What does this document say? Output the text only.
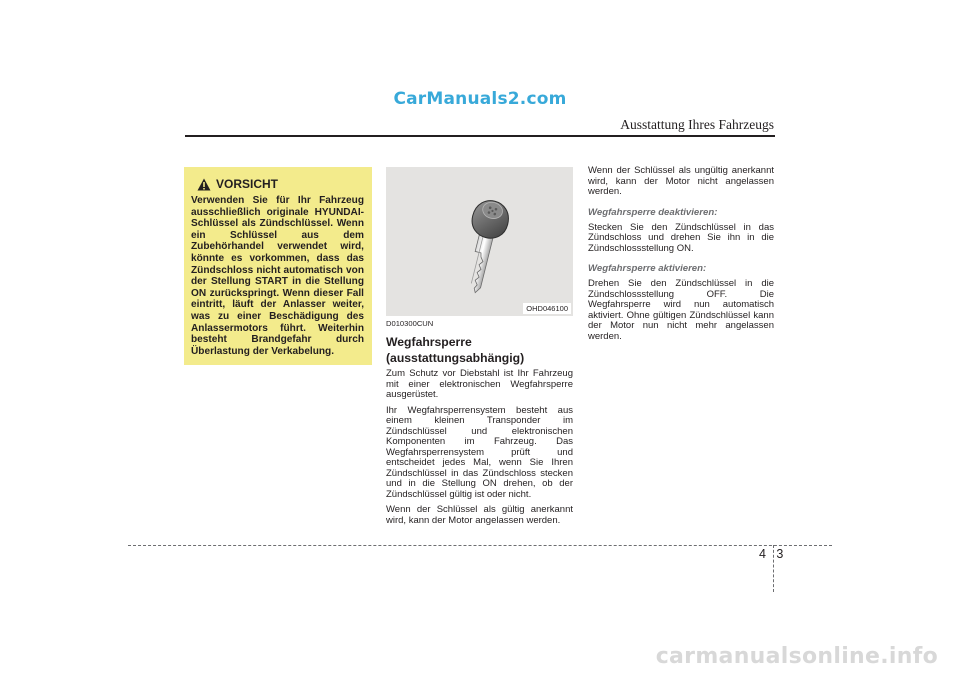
CarManuals2.com
Ausstattung Ihres Fahrzeugs
VORSICHT
Verwenden Sie für Ihr Fahrzeug ausschließlich originale HYUNDAI-Schlüssel als Zündschlüssel. Wenn ein Schlüssel aus dem Zubehörhandel verwendet wird, könnte es vorkommen, dass das Zündschloss nicht automatisch von der Stellung START in die Stellung ON zurückspringt. Wenn dieser Fall eintritt, läuft der Anlasser weiter, was zu einer Beschädigung des Anlassermotors führt. Weiterhin besteht Brandgefahr durch Überlastung der Verkabelung.
OHD046100
D010300CUN
Wegfahrsperre (ausstattungsabhängig)

Zum Schutz vor Diebstahl ist Ihr Fahrzeug mit einer elektronischen Wegfahrsperre ausgerüstet.

Ihr Wegfahrsperrensystem besteht aus einem kleinen Transponder im Zündschlüssel und elektronischen Komponenten im Fahrzeug. Das Wegfahrsperrensystem prüft und entscheidet jedes Mal, wenn Sie Ihren Zündschlüssel in das Zündschloss stecken und in die Stellung ON drehen, ob der Zündschlüssel gültig ist oder nicht.

Wenn der Schlüssel als gültig anerkannt wird, kann der Motor angelassen werden.

Wenn der Schlüssel als ungültig anerkannt wird, kann der Motor nicht angelassen werden.

Wegfahrsperre deaktivieren:

Stecken Sie den Zündschlüssel in das Zündschloss und drehen Sie ihn in die Zündschlossstellung ON.

Wegfahrsperre aktivieren:

Drehen Sie den Zündschlüssel in die Zündschlossstellung OFF. Die Wegfahrsperre wird nun automatisch aktiviert. Ohne gültigen Zündschlüssel kann der Motor nun nicht mehr angelassen werden.

4 3
carmanualsonline.info
